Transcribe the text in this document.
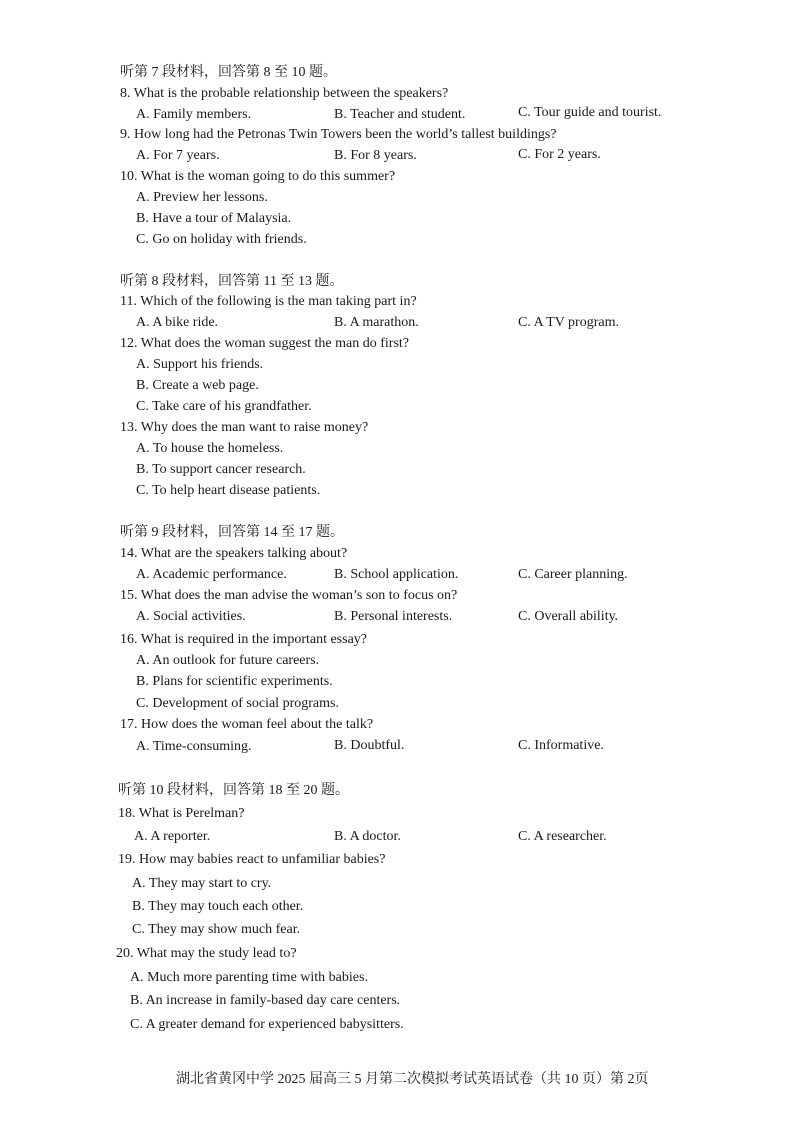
听第 7 段材料，回答第 8 至 10 题。
8. What is the probable relationship between the speakers?
A. Family members.	B. Teacher and student.	C. Tour guide and tourist.
9. How long had the Petronas Twin Towers been the world’s tallest buildings?
A. For 7 years.	B. For 8 years.	C. For 2 years.
10. What is the woman going to do this summer?
A. Preview her lessons.
B. Have a tour of Malaysia.
C. Go on holiday with friends.
听第 8 段材料，回答第 11 至 13 题。
11. Which of the following is the man taking part in?
A. A bike ride.	B. A marathon.	C. A TV program.
12. What does the woman suggest the man do first?
A. Support his friends.
B. Create a web page.
C. Take care of his grandfather.
13. Why does the man want to raise money?
A. To house the homeless.
B. To support cancer research.
C. To help heart disease patients.
听第 9 段材料，回答第 14 至 17 题。
14. What are the speakers talking about?
A. Academic performance.	B. School application.	C. Career planning.
15. What does the man advise the woman’s son to focus on?
A. Social activities.	B. Personal interests.	C. Overall ability.
16. What is required in the important essay?
A. An outlook for future careers.
B. Plans for scientific experiments.
C. Development of social programs.
17. How does the woman feel about the talk?
A. Time-consuming.	B. Doubtful.	C. Informative.
听第 10 段材料，回答第 18 至 20 题。
18. What is Perelman?
A. A reporter.	B. A doctor.	C. A researcher.
19. How may babies react to unfamiliar babies?
A. They may start to cry.
B. They may touch each other.
C. They may show much fear.
20. What may the study lead to?
A. Much more parenting time with babies.
B. An increase in family-based day care centers.
C. A greater demand for experienced babysitters.
湖北省黄冈中学 2025 届高三 5 月第二次模拟考试英语试卷（共 10 页）第 2页
